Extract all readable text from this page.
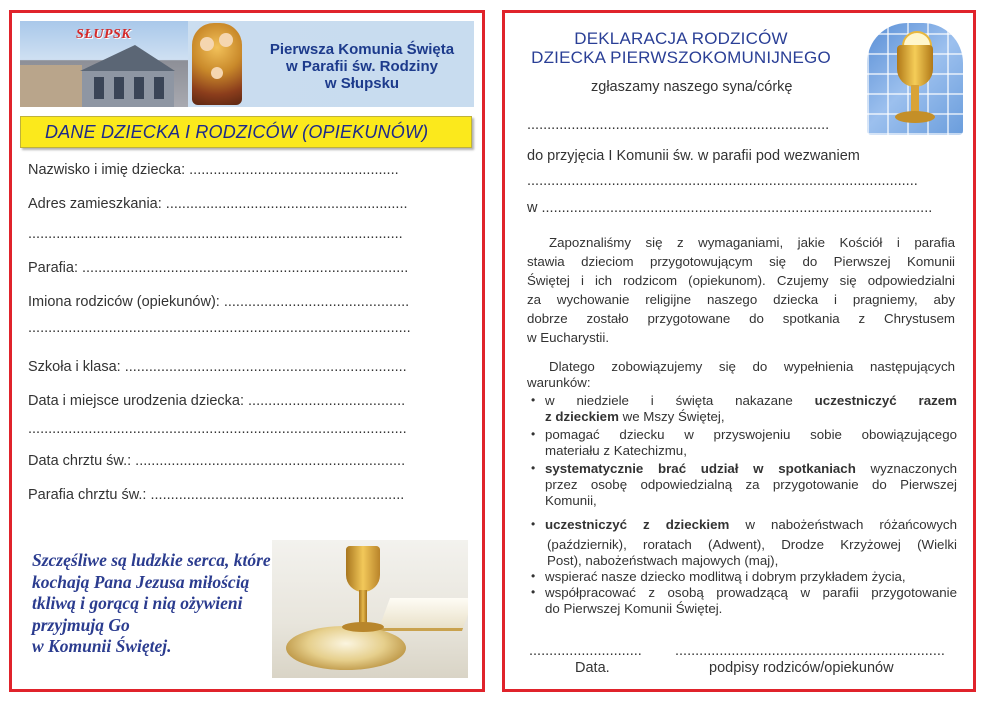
SŁUPSK
Pierwsza Komunia Święta
w Parafii św. Rodziny
w Słupsku
DANE DZIECKA I RODZICÓW (OPIEKUNÓW)
Nazwisko i imię dziecka: ....................................................
Adres zamieszkania: ............................................................
.............................................................................................
Parafia: .................................................................................
Imiona rodziców (opiekunów): ..............................................
...............................................................................................
Szkoła i klasa: ......................................................................
Data i miejsce urodzenia dziecka: .......................................
..............................................................................................
Data chrztu św.: ...................................................................
Parafia chrztu św.: ...............................................................
Szczęśliwe są ludzkie serca, które
kochają Pana Jezusa miłością
tkliwą i gorącą i nią ożywieni
przyjmują Go
w Komunii Świętej.
DEKLARACJA RODZICÓW
DZIECKA PIERWSZOKOMUNIJNEGO
zgłaszamy naszego syna/córkę
...........................................................................
do przyjęcia I Komunii św. w parafii pod wezwaniem
.................................................................................................
w .................................................................................................
Zapoznaliśmy się z wymaganiami, jakie Kościół i parafia
stawia dzieciom przygotowującym się do Pierwszej Komunii
Świętej i ich rodzicom (opiekunom). Czujemy się odpowiedzialni
za wychowanie religijne naszego dziecka i pragniemy, aby
dobrze zostało przygotowane do spotkania z Chrystusem
w Eucharystii.
Dlatego zobowiązujemy się do wypełnienia następujących
warunków:
• w niedziele i święta nakazane uczestniczyć razem
z dzieckiem we Mszy Świętej,
• pomagać dziecku w przyswojeniu sobie obowiązującego
materiału z Katechizmu,
• systematycznie brać udział w spotkaniach wyznaczonych
przez osobę odpowiedzialną za przygotowanie do Pierwszej
Komunii,
• uczestniczyć z dzieckiem w nabożeństwach różańcowych
(październik), roratach (Adwent), Drodze Krzyżowej (Wielki
Post), nabożeństwach majowych (maj),
• wspierać nasze dziecko modlitwą i dobrym przykładem życia,
• współpracować z osobą prowadzącą w parafii przygotowanie
do Pierwszej Komunii Świętej.
............................ ...................................................................
Data.	podpisy rodziców/opiekunów
